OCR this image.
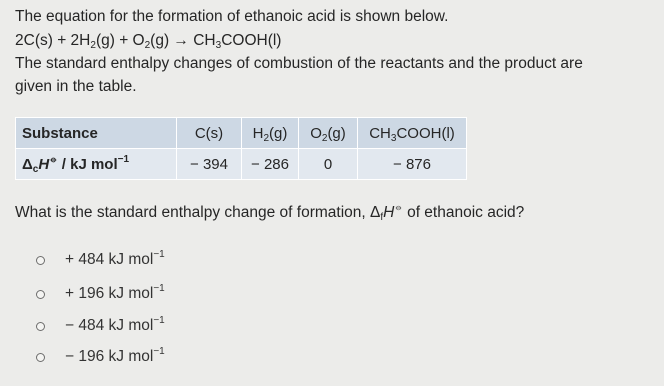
The equation for the formation of ethanoic acid is shown below.
$2C(s) + 2H_2(g) + O_2(g)$ → $CH_3COOH(l)$
The standard enthalpy changes of combustion of the reactants and the product are
given in the table.
Substance	C(s)	$H_2(g)$	$O_2(g)$	$CH_3COOH(l)$
$\Delta_cH^⦵$ / kJ mol$^{-1}$	− 394	− 286	0	− 876
What is the standard enthalpy change of formation, $\Delta_fH^⦵$ of ethanoic acid?
+ 484 kJ mol$^{-1}$
+ 196 kJ mol$^{-1}$
− 484 kJ mol$^{-1}$
− 196 kJ mol$^{-1}$
